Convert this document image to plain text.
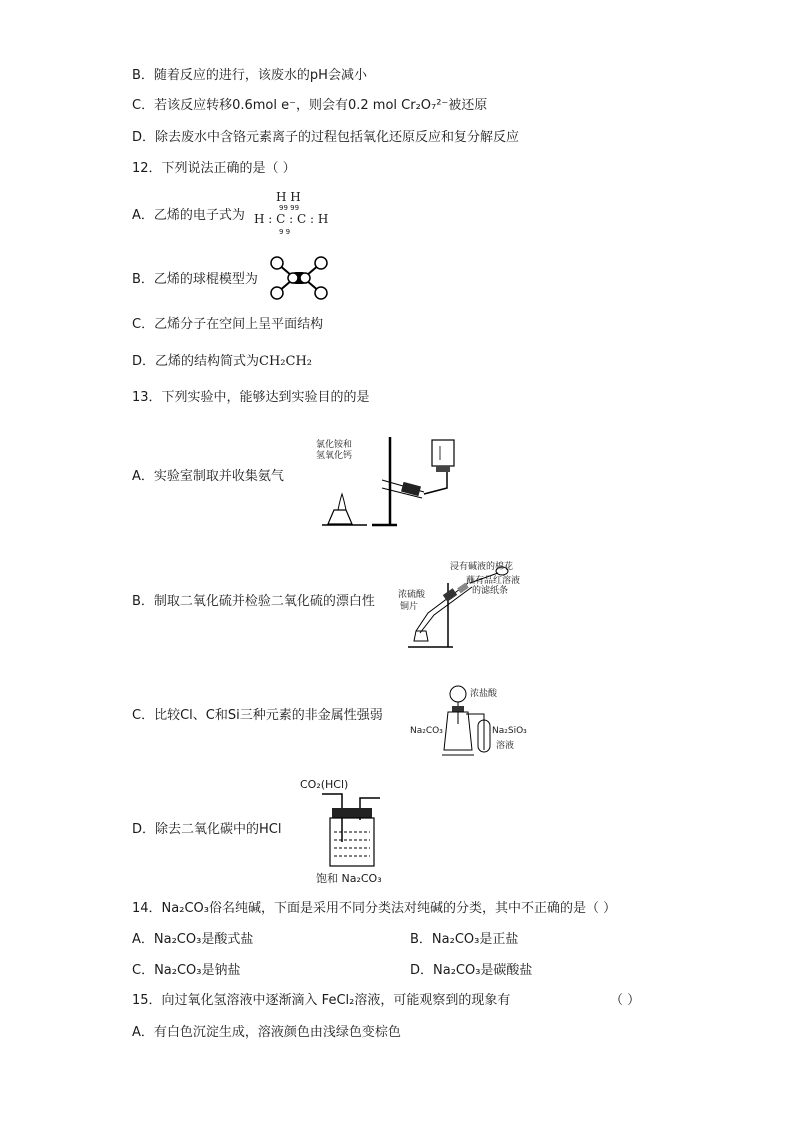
B．随着反应的进行，该废水的pH会减小
C．若该反应转移0.6mol e⁻，则会有0.2 mol Cr₂O₇²⁻被还原
D．除去废水中含铬元素离子的过程包括氧化还原反应和复分解反应
12．下列说法正确的是（ ）
A．乙烯的电子式为
H H
99 99
H : C : C : H
9 9
B．乙烯的球棍模型为
C．乙烯分子在空间上呈平面结构
D．乙烯的结构简式为CH₂CH₂
13．下列实验中，能够达到实验目的的是
A．实验室制取并收集氨气
氯化铵和
氢氧化钙
B．制取二氧化硫并检验二氧化硫的漂白性
浸有碱液的棉花
蘸有品红溶液
的滤纸条
浓硫酸
铜片
C．比较Cl、C和Si三种元素的非金属性强弱
浓盐酸
Na₂CO₃	Na₂SiO₃
溶液
D．除去二氧化碳中的HCl
CO₂(HCl)
饱和 Na₂CO₃
14．Na₂CO₃俗名纯碱，下面是采用不同分类法对纯碱的分类，其中不正确的是（ ）
A．Na₂CO₃是酸式盐	B．Na₂CO₃是正盐
C．Na₂CO₃是钠盐	D．Na₂CO₃是碳酸盐
15．向过氧化氢溶液中逐渐滴入 FeCl₂溶液，可能观察到的现象有	（ ）
A．有白色沉淀生成，溶液颜色由浅绿色变棕色
